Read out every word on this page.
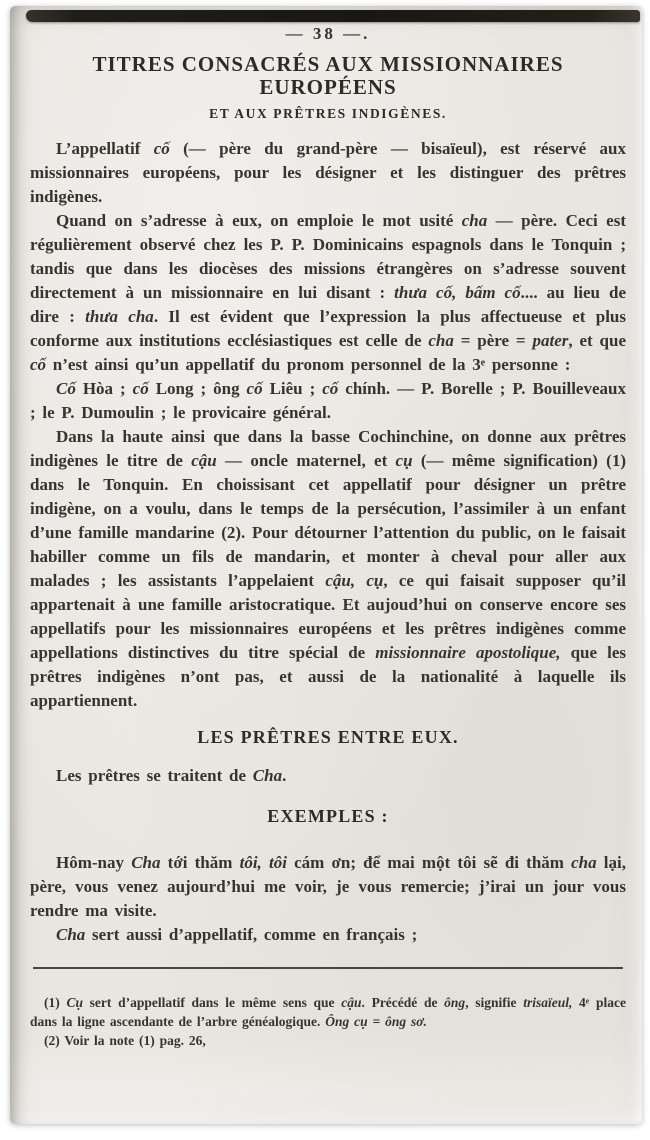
— 38 —.
TITRES CONSACRÉS AUX MISSIONNAIRES EUROPÉENS
ET AUX PRÊTRES INDIGÈNES.

L’appellatif cố (— père du grand-père — bisaïeul), est réservé aux missionnaires européens, pour les désigner et les distinguer des prêtres indigènes.

Quand on s’adresse à eux, on emploie le mot usité cha — père. Ceci est régulièrement observé chez les P. P. Dominicains espagnols dans le Tonquin ; tandis que dans les diocèses des missions étrangères on s’adresse souvent directement à un missionnaire en lui disant : thưa cố, bấm cố.... au lieu de dire : thưa cha. Il est évident que l’expression la plus affectueuse et plus conforme aux institutions ecclésiastiques est celle de cha = père = pater, et que cố n’est ainsi qu’un appellatif du pronom personnel de la 3ᵉ personne :

Cố Hòa ; cố Long ; ông cố Liêu ; cố chính. — P. Borelle ; P. Bouilleveaux ; le P. Dumoulin ; le provicaire général.

Dans la haute ainsi que dans la basse Cochinchine, on donne aux prêtres indigènes le titre de cậu — oncle maternel, et cụ (— même signification) (1) dans le Tonquin. En choissisant cet appellatif pour désigner un prêtre indigène, on a voulu, dans le temps de la persécution, l’assimiler à un enfant d’une famille mandarine (2). Pour détourner l’attention du public, on le faisait habiller comme un fils de mandarin, et monter à cheval pour aller aux malades ; les assistants l’appelaient cậu, cụ, ce qui faisait supposer qu’il appartenait à une famille aristocratique. Et aujoud’hui on conserve encore ses appellatifs pour les missionnaires européens et les prêtres indigènes comme appellations distinctives du titre spécial de missionnaire apostolique, que les prêtres indigènes n’ont pas, et aussi de la nationalité à laquelle ils appartiennent.

LES PRÊTRES ENTRE EUX.

Les prêtres se traitent de Cha.

EXEMPLES :

Hôm-nay Cha tới thăm tôi, tôi cám ơn; để mai một tôi sẽ đi thăm cha lại, père, vous venez aujourd’hui me voir, je vous remercie; j’irai un jour vous rendre ma visite.

Cha sert aussi d’appellatif, comme en français ;

(1) Cụ sert d’appellatif dans le même sens que cậu. Précédé de ông, signifie trisaïeul, 4ᵉ place dans la ligne ascendante de l’arbre généalogique. Ông cụ = ông sơ.

(2) Voir la note (1) pag. 26,
